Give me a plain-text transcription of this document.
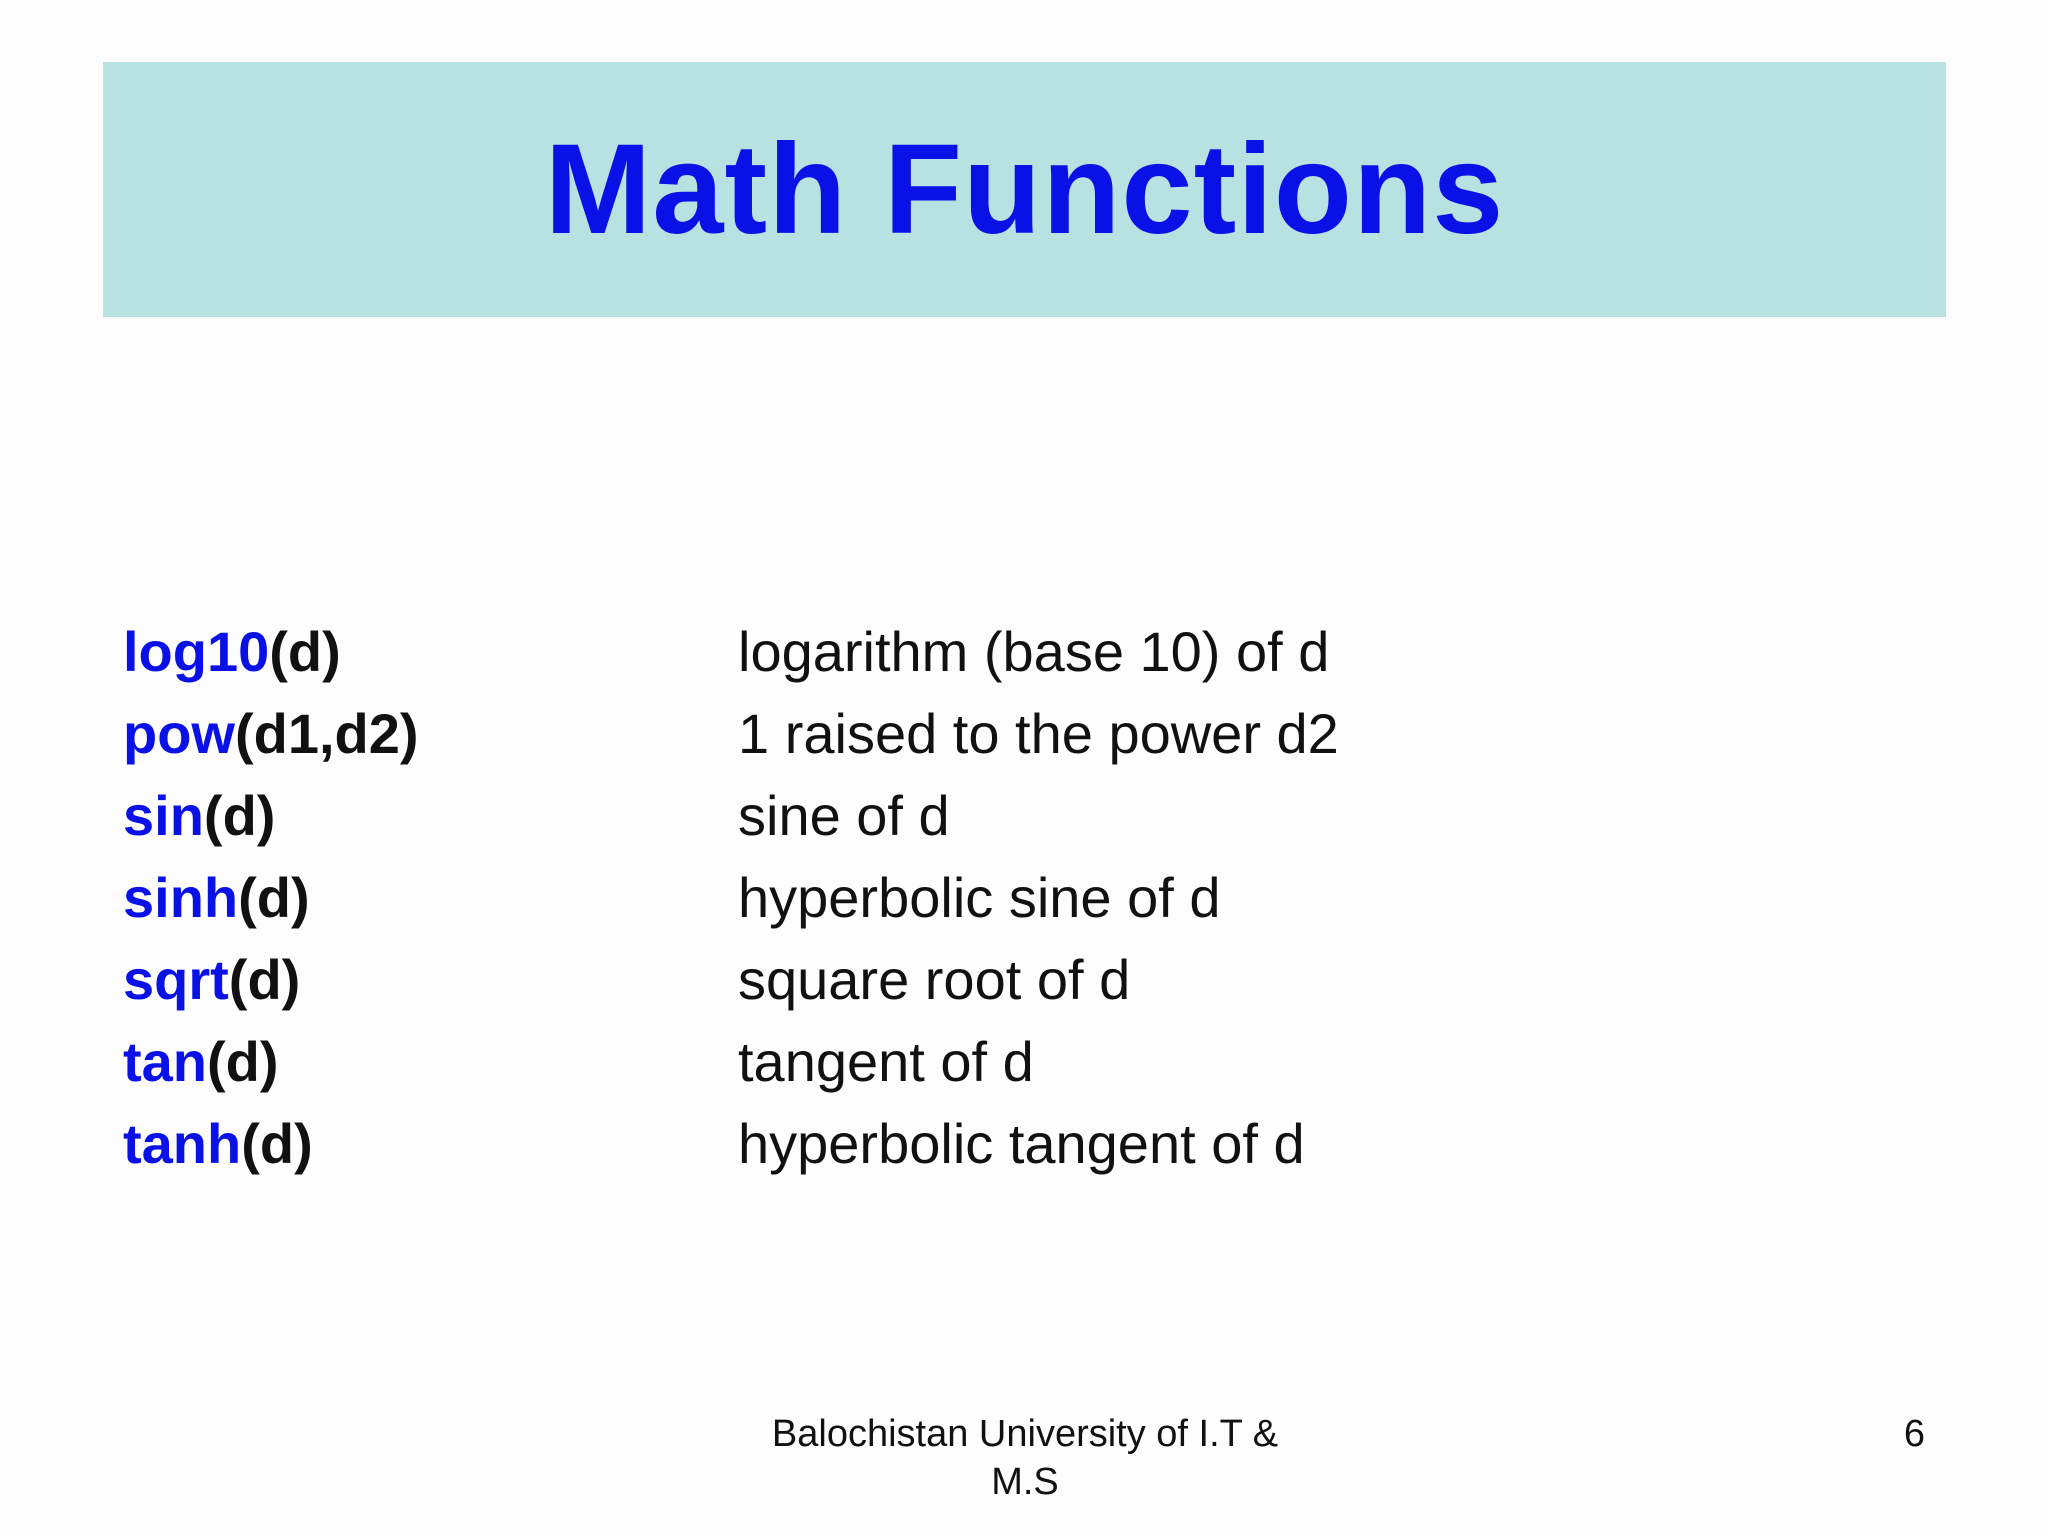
Math Functions
log10(d)	logarithm (base 10) of d
pow(d1,d2)	1 raised to the power d2
sin(d)	sine of d
sinh(d)	hyperbolic sine of d
sqrt(d)	square root of d
tan(d)	tangent of d
tanh(d)	hyperbolic tangent of d
Balochistan University of I.T &
M.S
6
